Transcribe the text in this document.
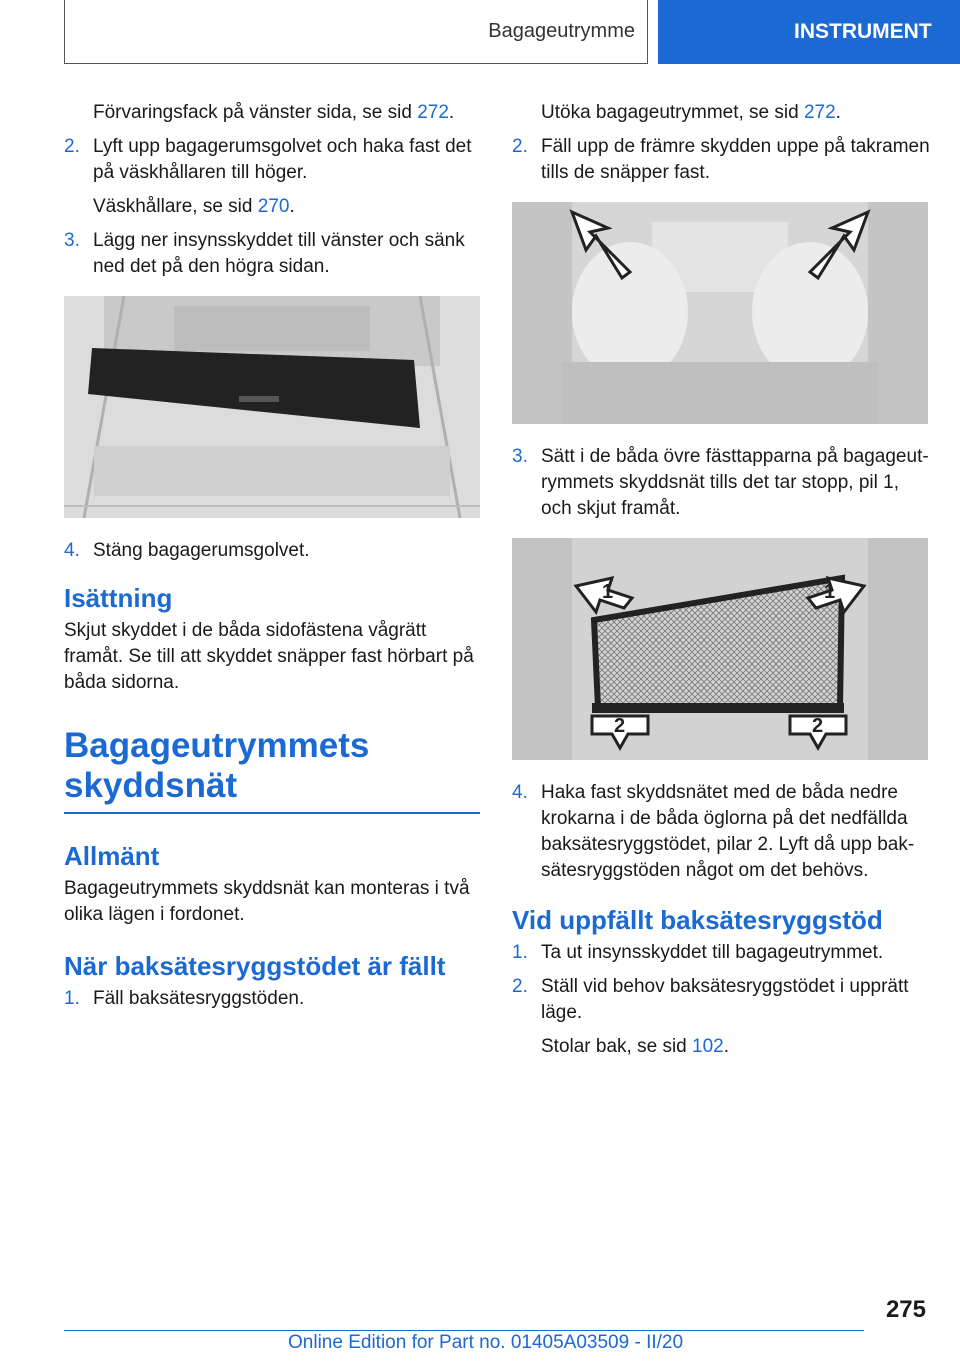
Bagageutrymme	INSTRUMENT

Förvaringsfack på vänster sida, se sid 272.

2. Lyft upp bagagerumsgolvet och haka fast det på väskhållaren till höger.

Väskhållare, se sid 270.

3. Lägg ner insynsskyddet till vänster och sänk ned det på den högra sidan.
4. Stäng bagagerumsgolvet.
Isättning

Skjut skyddet i de båda sidofästena vågrätt framåt. Se till att skyddet snäpper fast hörbart på båda sidorna.

Bagageutrymmets skyddsnät
Allmänt

Bagageutrymmets skyddsnät kan monteras i två olika lägen i fordonet.

När baksätesryggstödet är fällt
1. Fäll baksätesryggstöden.

Utöka bagageutrymmet, se sid 272.

2. Fäll upp de främre skydden uppe på takramen tills de snäpper fast.
3. Sätt i de båda övre fästtapparna på bagageutrymmets skyddsnät tills det tar stopp, pil 1, och skjut framåt.
1	1
2	2
4. Haka fast skyddsnätet med de båda nedre krokarna i de båda öglorna på det nedfällda baksätesryggstödet, pilar 2. Lyft då upp baksätesryggstöden något om det behövs.
Vid uppfällt baksätesryggstöd
1. Ta ut insynsskyddet till bagageutrymmet.
2. Ställ vid behov baksätesryggstödet i upprätt läge.

Stolar bak, se sid 102.

275
Online Edition for Part no. 01405A03509 - II/20
